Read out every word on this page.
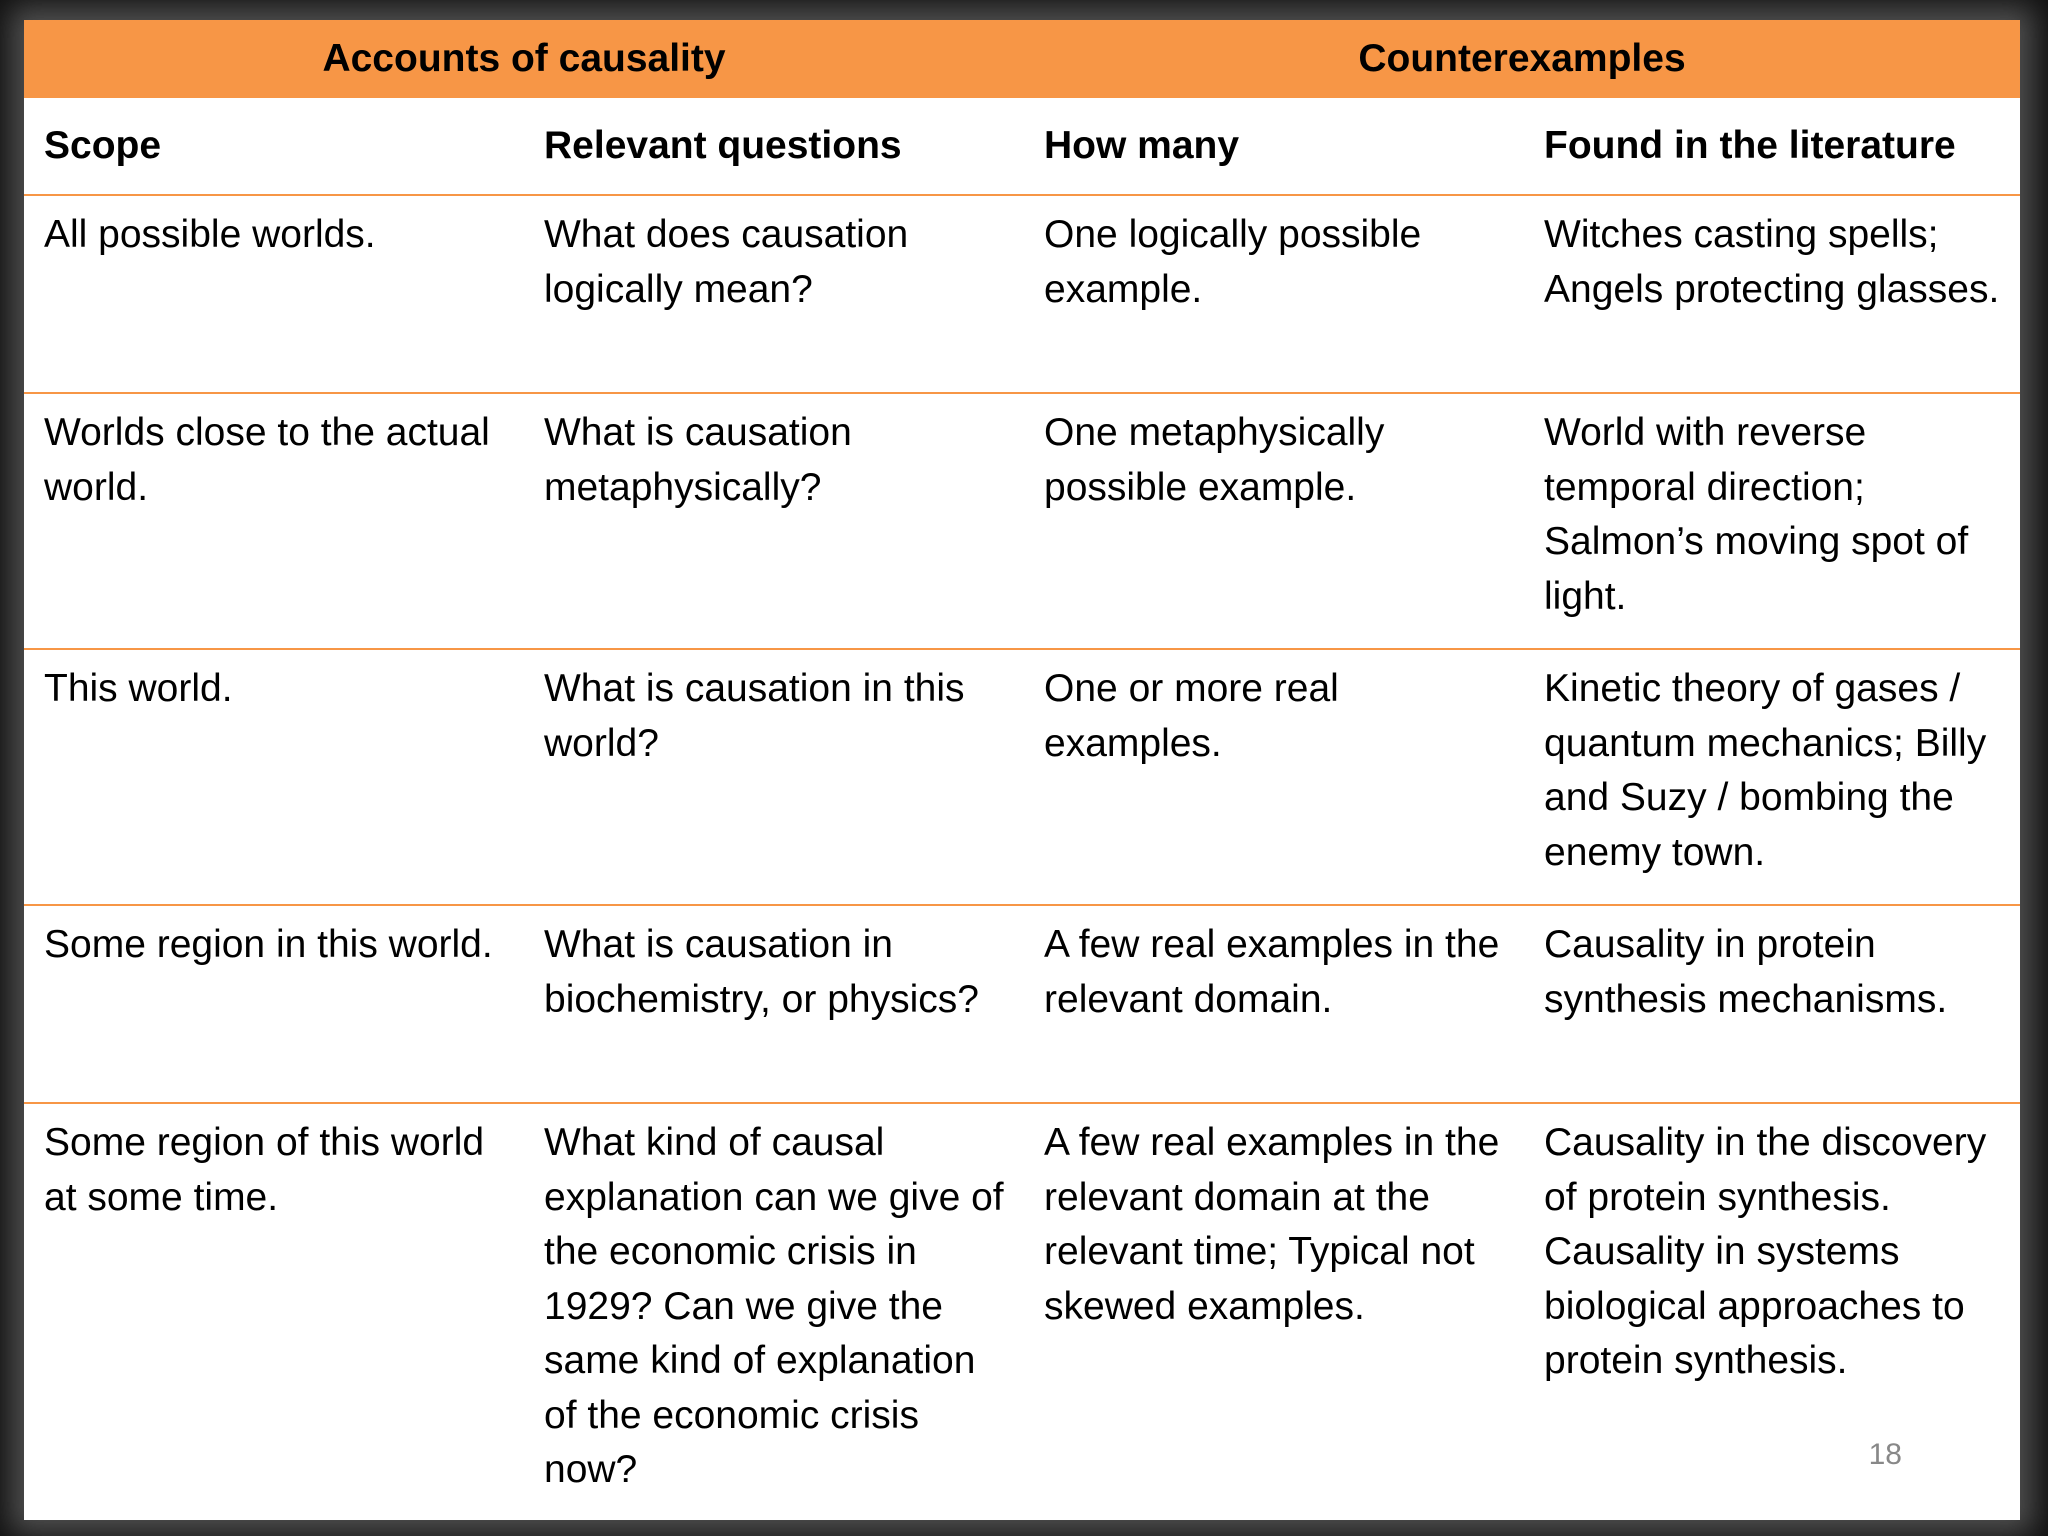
Accounts of causality		Counterexamples	
Scope	Relevant questions	How many	Found in the literature
All possible worlds.	What does causation logically mean?	One logically possible example.	Witches casting spells; Angels protecting glasses.
Worlds close to the actual world.	What is causation metaphysically?	One metaphysically possible example.	World with reverse temporal direction; Salmon’s moving spot of light.
This world.	What is causation in this world?	One or more real examples.	Kinetic theory of gases / quantum mechanics; Billy and Suzy / bombing the enemy town.
Some region in this world.	What is causation in biochemistry, or physics?	A few real examples in the relevant domain.	Causality in protein synthesis mechanisms.
Some region of this world at some time.	What kind of causal explanation can we give of the economic crisis in 1929? Can we give the same kind of explanation of the economic crisis now?	A few real examples in the relevant domain at the relevant time; Typical not skewed examples.	Causality in the discovery of protein synthesis. Causality in systems biological approaches to protein synthesis.
18
